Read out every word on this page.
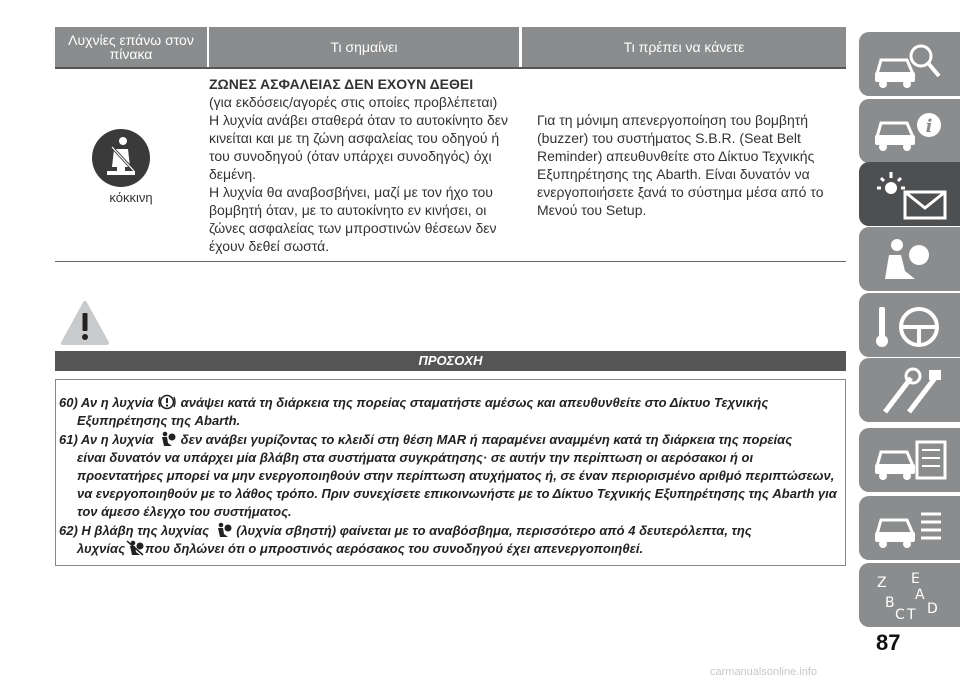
Λυχνίες επάνω στον πίνακα	Τι σημαίνει	Τι πρέπει να κάνετε
κόκκινη
ΖΩΝΕΣ ΑΣΦΑΛΕΙΑΣ ΔΕΝ ΕΧΟΥΝ ΔΕΘΕΙ
(για εκδόσεις/αγορές στις οποίες προβλέπεται)
Η λυχνία ανάβει σταθερά όταν το αυτοκίνητο δεν κινείται και με τη ζώνη ασφαλείας του οδηγού ή του συνοδηγού (όταν υπάρχει συνοδηγός) όχι δεμένη.
Η λυχνία θα αναβοσβήνει, μαζί με τον ήχο του βομβητή όταν, με το αυτοκίνητο εν κινήσει, οι ζώνες ασφαλείας των μπροστινών θέσεων δεν έχουν δεθεί σωστά.
Για τη μόνιμη απενεργοποίηση του βομβητή (buzzer) του συστήματος S.B.R. (Seat Belt Reminder) απευθυνθείτε στο Δίκτυο Τεχνικής Εξυπηρέτησης της Abarth. Είναι δυνατόν να ενεργοποιήσετε ξανά το σύστημα μέσα από το Μενού του Setup.
ΠΡΟΣΟΧΗ
60) Αν η λυχνία ανάψει κατά τη διάρκεια της πορείας σταματήστε αμέσως και απευθυνθείτε στο Δίκτυο Τεχνικής
Εξυπηρέτησης της Abarth.
61) Αν η λυχνία δεν ανάβει γυρίζοντας το κλειδί στη θέση MAR ή παραμένει αναμμένη κατά τη διάρκεια της πορείας
είναι δυνατόν να υπάρχει μία βλάβη στα συστήματα συγκράτησης· σε αυτήν την περίπτωση οι αερόσακοι ή οι προεντατήρες μπορεί να μην ενεργοποιηθούν στην περίπτωση ατυχήματος ή, σε έναν περιορισμένο αριθμό περιπτώσεων, να ενεργοποιηθούν με το λάθος τρόπο. Πριν συνεχίσετε επικοινωνήστε με το Δίκτυο Τεχνικής Εξυπηρέτησης της Abarth για τον άμεσο έλεγχο του συστήματος.
62) Η βλάβη της λυχνίας (λυχνία σβηστή) φαίνεται με το αναβόσβημα, περισσότερο από 4 δευτερόλεπτα, της
λυχνίας που δηλώνει ότι ο μπροστινός αερόσακος του συνοδηγού έχει απενεργοποιηθεί.
i
Z E
A
B
C D
T
87
carmanualsonline.info
